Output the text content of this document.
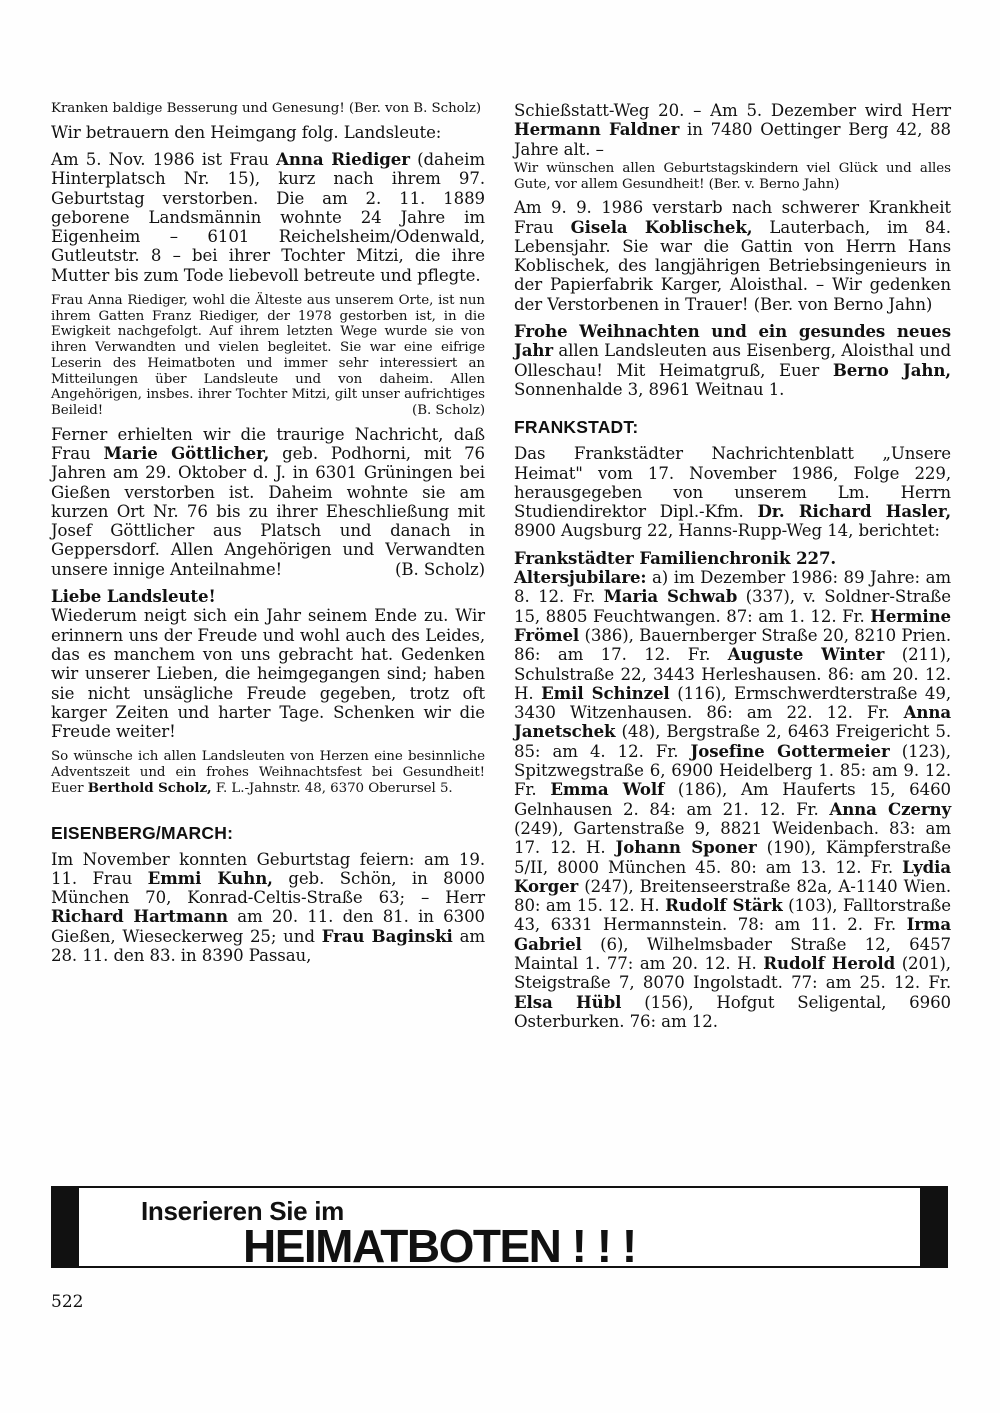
Kranken baldige Besserung und Genesung! (Ber. von B. Scholz)

Wir betrauern den Heimgang folg. Landsleute:

Am 5. Nov. 1986 ist Frau Anna Riediger (daheim Hinterplatsch Nr. 15), kurz nach ihrem 97. Geburtstag verstorben. Die am 2. 11. 1889 geborene Landsmännin wohnte 24 Jahre im Eigenheim – 6101 Reichelsheim/Odenwald, Gutleutstr. 8 – bei ihrer Tochter Mitzi, die ihre Mutter bis zum Tode liebevoll betreute und pflegte.

Frau Anna Riediger, wohl die Älteste aus unserem Orte, ist nun ihrem Gatten Franz Riediger, der 1978 gestorben ist, in die Ewigkeit nachgefolgt. Auf ihrem letzten Wege wurde sie von ihren Verwandten und vielen begleitet. Sie war eine eifrige Leserin des Heimatboten und immer sehr interessiert an Mitteilungen über Landsleute und von daheim. Allen Angehörigen, insbes. ihrer Tochter Mitzi, gilt unser aufrichtiges Beileid!	(B. Scholz)

Ferner erhielten wir die traurige Nachricht, daß Frau Marie Göttlicher, geb. Podhorni, mit 76 Jahren am 29. Oktober d. J. in 6301 Grüningen bei Gießen verstorben ist. Daheim wohnte sie am kurzen Ort Nr. 76 bis zu ihrer Eheschließung mit Josef Göttlicher aus Platsch und danach in Geppersdorf. Allen Angehörigen und Verwandten unsere innige Anteilnahme!	(B. Scholz)

Liebe Landsleute!

Wiederum neigt sich ein Jahr seinem Ende zu. Wir erinnern uns der Freude und wohl auch des Leides, das es manchem von uns gebracht hat. Gedenken wir unserer Lieben, die heimgegangen sind; haben sie nicht unsägliche Freude gegeben, trotz oft karger Zeiten und harter Tage. Schenken wir die Freude weiter!

So wünsche ich allen Landsleuten von Herzen eine besinnliche Adventszeit und ein frohes Weihnachtsfest bei Gesundheit! Euer Berthold Scholz, F. L.-Jahnstr. 48, 6370 Oberursel 5.

EISENBERG/MARCH:

Im November konnten Geburtstag feiern: am 19. 11. Frau Emmi Kuhn, geb. Schön, in 8000 München 70, Konrad-Celtis-Straße 63; – Herr Richard Hartmann am 20. 11. den 81. in 6300 Gießen, Wieseckerweg 25; und Frau Baginski am 28. 11. den 83. in 8390 Passau,

Schießstatt-Weg 20. – Am 5. Dezember wird Herr Hermann Faldner in 7480 Oettinger Berg 42, 88 Jahre alt. –

Wir wünschen allen Geburtstagskindern viel Glück und alles Gute, vor allem Gesundheit! (Ber. v. Berno Jahn)

Am 9. 9. 1986 verstarb nach schwerer Krankheit Frau Gisela Koblischek, Lauterbach, im 84. Lebensjahr. Sie war die Gattin von Herrn Hans Koblischek, des langjährigen Betriebsingenieurs in der Papierfabrik Karger, Aloisthal. – Wir gedenken der Verstorbenen in Trauer! (Ber. von Berno Jahn)

Frohe Weihnachten und ein gesundes neues Jahr allen Landsleuten aus Eisenberg, Aloisthal und Olleschau! Mit Heimatgruß, Euer Berno Jahn, Sonnenhalde 3, 8961 Weitnau 1.

FRANKSTADT:

Das Frankstädter Nachrichtenblatt „Unsere Heimat" vom 17. November 1986, Folge 229, herausgegeben von unserem Lm. Herrn Studiendirektor Dipl.-Kfm. Dr. Richard Hasler, 8900 Augsburg 22, Hanns-Rupp-Weg 14, berichtet:

Frankstädter Familienchronik 227.

Altersjubilare: a) im Dezember 1986: 89 Jahre: am 8. 12. Fr. Maria Schwab (337), v. Soldner-Straße 15, 8805 Feuchtwangen. 87: am 1. 12. Fr. Hermine Frömel (386), Bauernberger Straße 20, 8210 Prien. 86: am 17. 12. Fr. Auguste Winter (211), Schulstraße 22, 3443 Herleshausen. 86: am 20. 12. H. Emil Schinzel (116), Ermschwerdterstraße 49, 3430 Witzenhausen. 86: am 22. 12. Fr. Anna Janetschek (48), Bergstraße 2, 6463 Freigericht 5. 85: am 4. 12. Fr. Josefine Gottermeier (123), Spitzwegstraße 6, 6900 Heidelberg 1. 85: am 9. 12. Fr. Emma Wolf (186), Am Hauferts 15, 6460 Gelnhausen 2. 84: am 21. 12. Fr. Anna Czerny (249), Gartenstraße 9, 8821 Weidenbach. 83: am 17. 12. H. Johann Sponer (190), Kämpferstraße 5/II, 8000 München 45. 80: am 13. 12. Fr. Lydia Korger (247), Breitenseerstraße 82a, A-1140 Wien. 80: am 15. 12. H. Rudolf Stärk (103), Falltorstraße 43, 6331 Hermannstein. 78: am 11. 2. Fr. Irma Gabriel (6), Wilhelmsbader Straße 12, 6457 Maintal 1. 77: am 20. 12. H. Rudolf Herold (201), Steigstraße 7, 8070 Ingolstadt. 77: am 25. 12. Fr. Elsa Hübl (156), Hofgut Seligental, 6960 Osterburken. 76: am 12.

Inserieren Sie im
HEIMATBOTEN ! ! !
522
